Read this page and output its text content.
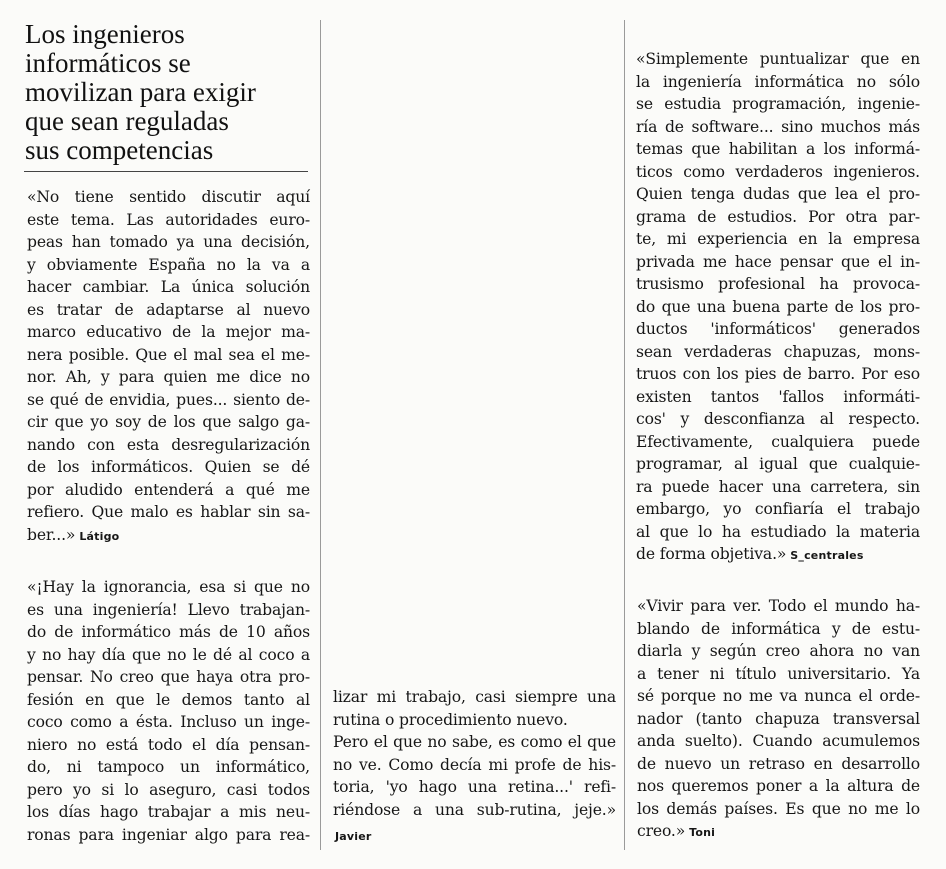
Los ingenieros
informáticos se
movilizan para exigir
que sean reguladas
sus competencias
«No tiene sentido discutir aquí
este tema. Las autoridades euro-
peas han tomado ya una decisión,
y obviamente España no la va a
hacer cambiar. La única solución
es tratar de adaptarse al nuevo
marco educativo de la mejor ma-
nera posible. Que el mal sea el me-
nor. Ah, y para quien me dice no
se qué de envidia, pues... siento de-
cir que yo soy de los que salgo ga-
nando con esta desregularización
de los informáticos. Quien se dé
por aludido entenderá a qué me
refiero. Que malo es hablar sin sa-
ber...» Látigo
«¡Hay la ignorancia, esa si que no
es una ingeniería! Llevo trabajan-
do de informático más de 10 años
y no hay día que no le dé al coco a
pensar. No creo que haya otra pro-
fesión en que le demos tanto al
coco como a ésta. Incluso un inge-
niero no está todo el día pensan-
do, ni tampoco un informático,
pero yo si lo aseguro, casi todos
los días hago trabajar a mis neu-
ronas para ingeniar algo para rea-
lizar mi trabajo, casi siempre una
rutina o procedimiento nuevo.
Pero el que no sabe, es como el que
no ve. Como decía mi profe de his-
toria, 'yo hago una retina...' refi-
riéndose a una sub-rutina, jeje.»
Javier
«Simplemente puntualizar que en
la ingeniería informática no sólo
se estudia programación, ingenie-
ría de software... sino muchos más
temas que habilitan a los informá-
ticos como verdaderos ingenieros.
Quien tenga dudas que lea el pro-
grama de estudios. Por otra par-
te, mi experiencia en la empresa
privada me hace pensar que el in-
trusismo profesional ha provoca-
do que una buena parte de los pro-
ductos 'informáticos' generados
sean verdaderas chapuzas, mons-
truos con los pies de barro. Por eso
existen tantos 'fallos informáti-
cos' y desconfianza al respecto.
Efectivamente, cualquiera puede
programar, al igual que cualquie-
ra puede hacer una carretera, sin
embargo, yo confiaría el trabajo
al que lo ha estudiado la materia
de forma objetiva.» S_centrales
«Vivir para ver. Todo el mundo ha-
blando de informática y de estu-
diarla y según creo ahora no van
a tener ni título universitario. Ya
sé porque no me va nunca el orde-
nador (tanto chapuza transversal
anda suelto). Cuando acumulemos
de nuevo un retraso en desarrollo
nos queremos poner a la altura de
los demás países. Es que no me lo
creo.» Toni
